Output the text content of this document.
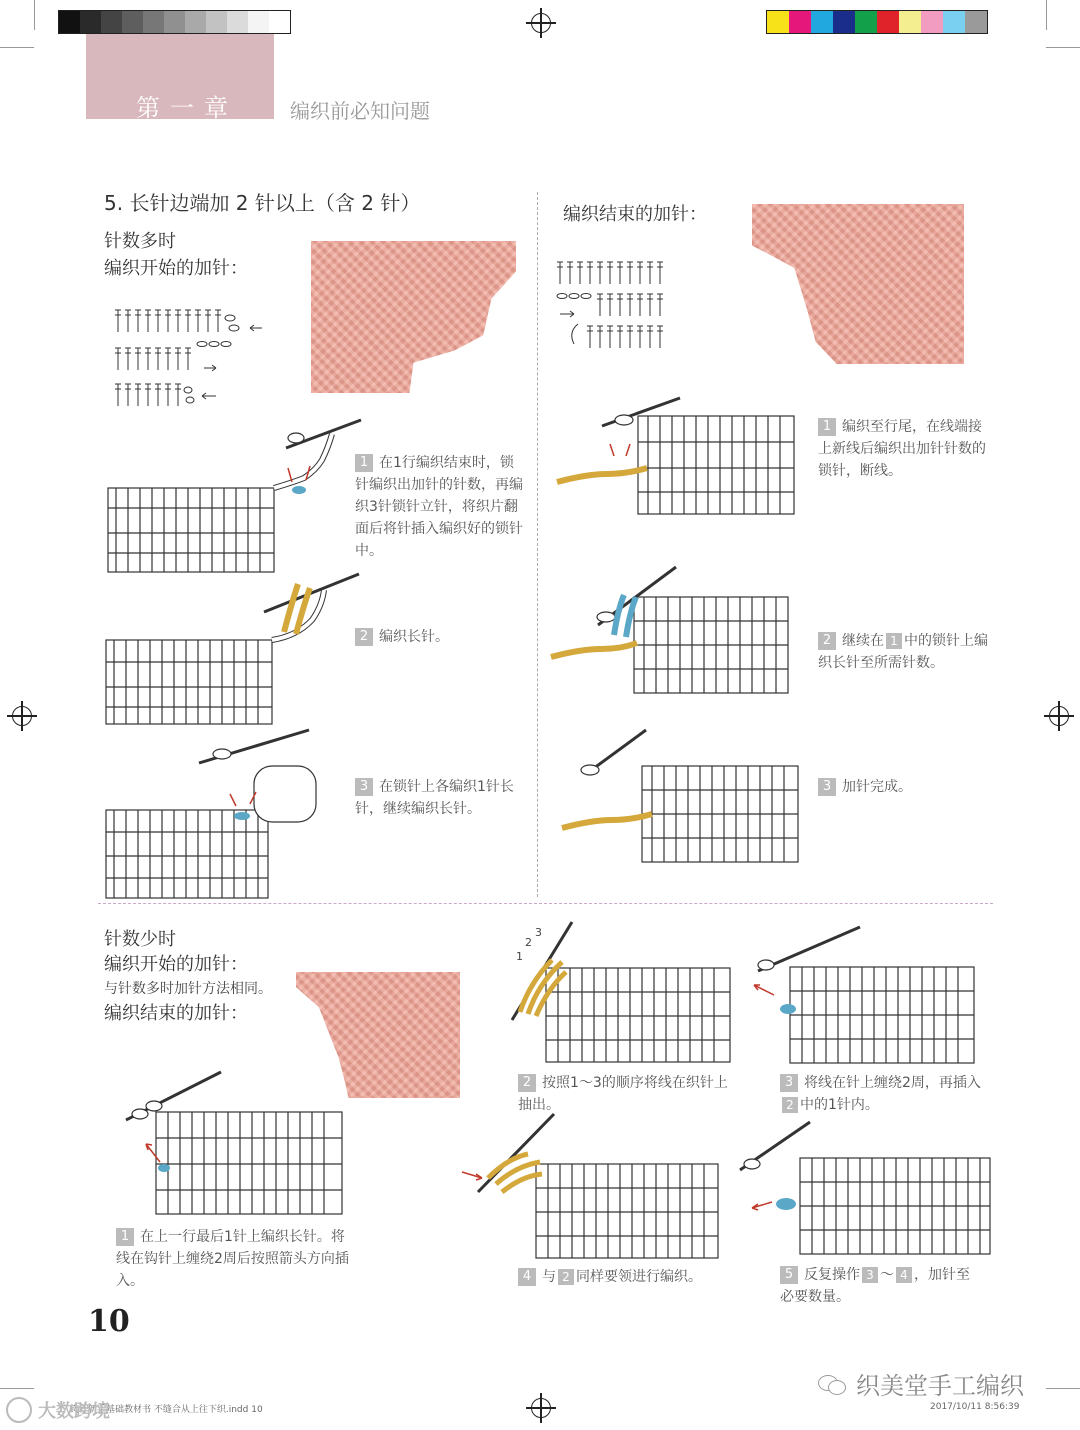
第一章	编织前必知问题
5. 长针边端加 2 针以上（含 2 针）
针数多时
编织开始的加针：
1 在1行编织结束时，锁针编织出加针的针数，再编织3针锁针立针，将织片翻面后将针插入编织好的锁针中。
2 编织长针。
3 在锁针上各编织1针长针，继续编织长针。
编织结束的加针：
1 编织至行尾，在线端接上新线后编织出加针针数的锁针，断线。
2 继续在 1 中的锁针上编织长针至所需针数。
3 加针完成。
针数少时
编织开始的加针：
与针数多时加针方法相同。
编织结束的加针：
1
2
3
1 在上一行最后1针上编织长针。将线在钩针上缠绕2周后按照箭头方向插入。
2 按照1～3的顺序将线在织针上抽出。
3 将线在针上缠绕2周，再插入2 中的1针内。
4 与 2 同样要领进行编织。	5 反复操作 3 ～ 4 ，加针至必要数量。
10
钩针新手基础教材书 不缝合从上往下织.indd 10	2017/10/11 8:56:39
大数跨境
织美堂手工编织
